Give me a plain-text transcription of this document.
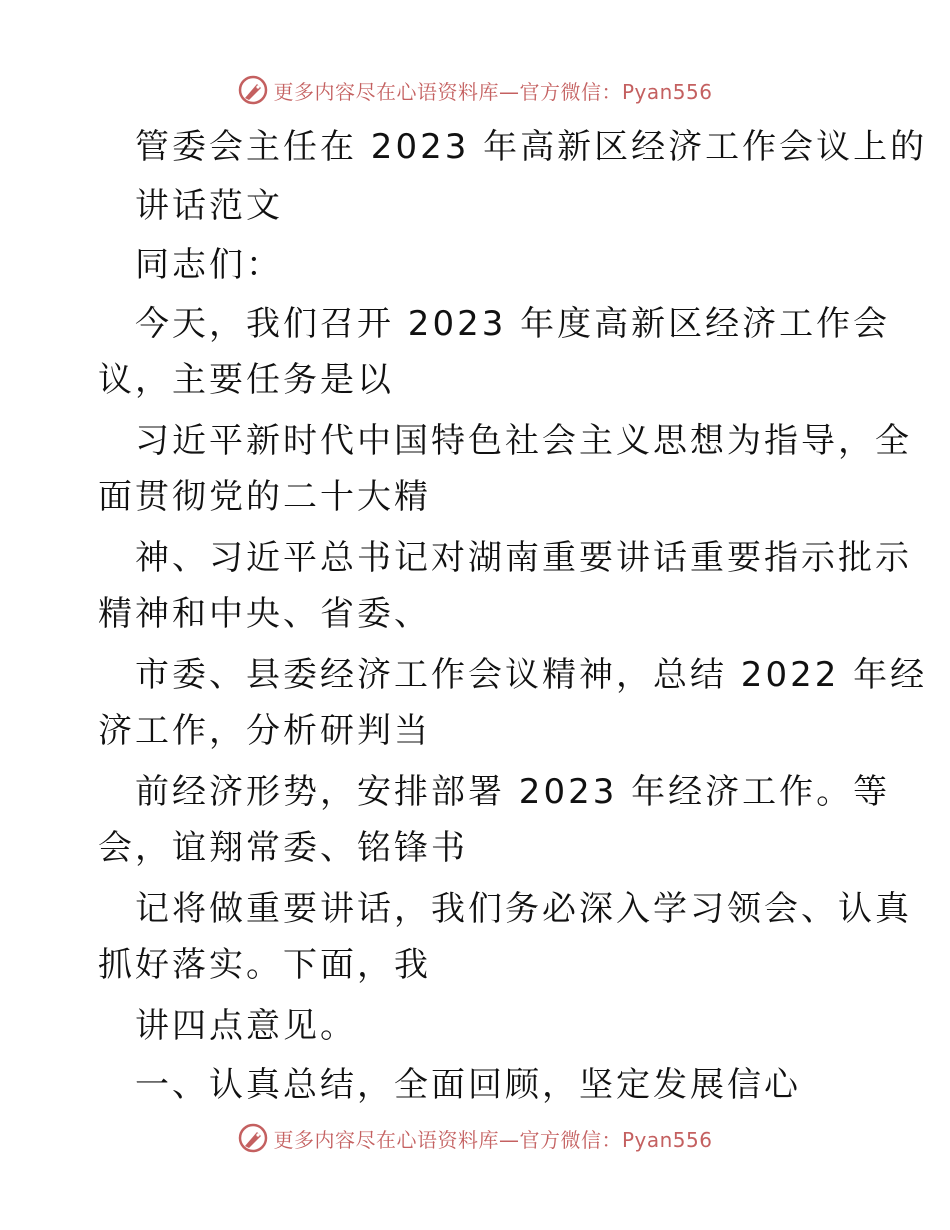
更多内容尽在心语资料库—官方微信：Pyan556
管委会主任在 2023 年高新区经济工作会议上的
讲话范文
同志们：
今天，我们召开 2023 年度高新区经济工作会
议，主要任务是以
习近平新时代中国特色社会主义思想为指导，全
面贯彻党的二十大精
神、习近平总书记对湖南重要讲话重要指示批示
精神和中央、省委、
市委、县委经济工作会议精神，总结 2022 年经
济工作，分析研判当
前经济形势，安排部署 2023 年经济工作。等
会，谊翔常委、铭锋书
记将做重要讲话，我们务必深入学习领会、认真
抓好落实。下面，我
讲四点意见。
一、认真总结，全面回顾，坚定发展信心
更多内容尽在心语资料库—官方微信：Pyan556
